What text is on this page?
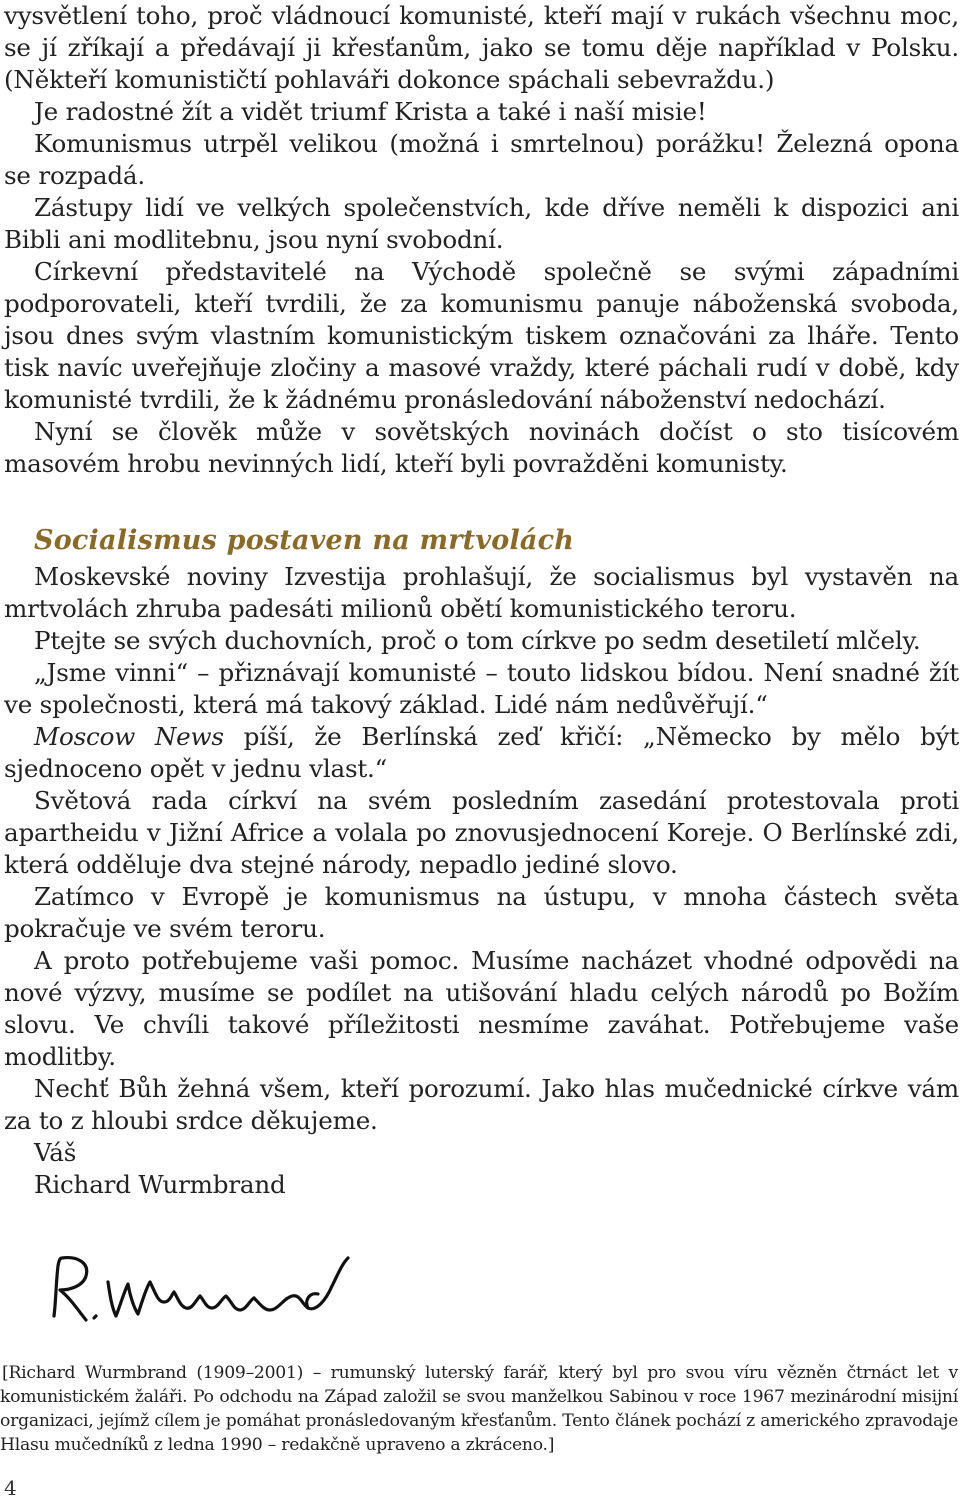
vysvětlení toho, proč vládnoucí komunisté, kteří mají v rukách všechnu moc, se jí zříkají a předávají ji křesťanům, jako se tomu děje například v Polsku. (Někteří komunističtí pohlaváři dokonce spáchali sebevraždu.)

Je radostné žít a vidět triumf Krista a také i naší misie!

Komunismus utrpěl velikou (možná i smrtelnou) porážku! Železná opona se rozpadá.

Zástupy lidí ve velkých společenstvích, kde dříve neměli k dispozici ani Bibli ani modlitebnu, jsou nyní svobodní.

Církevní představitelé na Východě společně se svými západními podporovateli, kteří tvrdili, že za komunismu panuje náboženská svoboda, jsou dnes svým vlastním komunistickým tiskem označováni za lháře. Tento tisk navíc uveřejňuje zločiny a masové vraždy, které páchali rudí v době, kdy komunisté tvrdili, že k žádnému pronásledování náboženství nedochází.

Nyní se člověk může v sovětských novinách dočíst o sto tisícovém masovém hrobu nevinných lidí, kteří byli povražděni komunisty.

Socialismus postaven na mrtvolách

Moskevské noviny Izvestija prohlašují, že socialismus byl vystavěn na mrtvolách zhruba padesáti milionů obětí komunistického teroru.

Ptejte se svých duchovních, proč o tom církve po sedm desetiletí mlčely.

„Jsme vinni“ – přiznávají komunisté – touto lidskou bídou. Není snadné žít ve společnosti, která má takový základ. Lidé nám nedůvěřují.“

Moscow News píší, že Berlínská zeď křičí: „Německo by mělo být sjednoceno opět v jednu vlast.“

Světová rada církví na svém posledním zasedání protestovala proti apartheidu v Jižní Africe a volala po znovusjednocení Koreje. O Berlínské zdi, která odděluje dva stejné národy, nepadlo jediné slovo.

Zatímco v Evropě je komunismus na ústupu, v mnoha částech světa pokračuje ve svém teroru.

A proto potřebujeme vaši pomoc. Musíme nacházet vhodné odpovědi na nové výzvy, musíme se podílet na utišování hladu celých národů po Božím slovu. Ve chvíli takové příležitosti nesmíme zaváhat. Potřebujeme vaše modlitby.

Nechť Bůh žehná všem, kteří porozumí. Jako hlas mučednické církve vám za to z hloubi srdce děkujeme.

Váš

Richard Wurmbrand

[Richard Wurmbrand (1909–2001) – rumunský luterský farář, který byl pro svou víru vězněn čtrnáct let v komunistickém žaláři. Po odchodu na Západ založil se svou manželkou Sabinou v roce 1967 mezinárodní misijní organizaci, jejímž cílem je pomáhat pronásledovaným křesťanům. Tento článek pochází z amerického zpravodaje Hlasu mučedníků z ledna 1990 – redakčně upraveno a zkráceno.]

4
